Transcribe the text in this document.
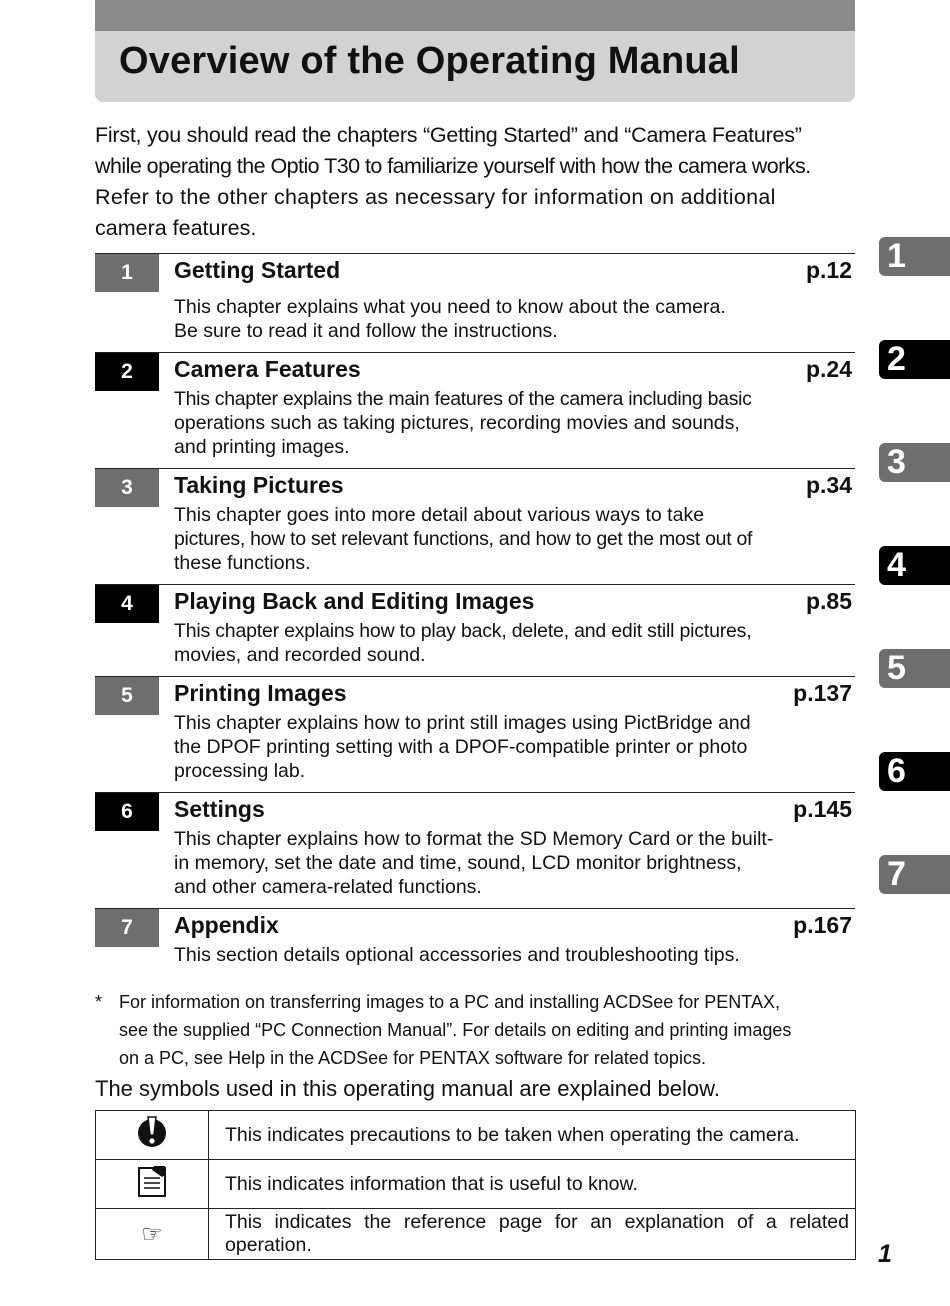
Overview of the Operating Manual

First, you should read the chapters “Getting Started” and “Camera Features”

while operating the Optio T30 to familiarize yourself with how the camera works.

Refer to the other chapters as necessary for information on additional

camera features.

1	Getting Started	p.12
This chapter explains what you need to know about the camera.
Be sure to read it and follow the instructions.
2	Camera Features	p.24
This chapter explains the main features of the camera including basic
operations such as taking pictures, recording movies and sounds,
and printing images.
3	Taking Pictures	p.34
This chapter goes into more detail about various ways to take
pictures, how to set relevant functions, and how to get the most out of
these functions.
4	Playing Back and Editing Images	p.85
This chapter explains how to play back, delete, and edit still pictures,
movies, and recorded sound.
5	Printing Images	p.137
This chapter explains how to print still images using PictBridge and
the DPOF printing setting with a DPOF-compatible printer or photo
processing lab.
6	Settings	p.145
This chapter explains how to format the SD Memory Card or the built-
in memory, set the date and time, sound, LCD monitor brightness,
and other camera-related functions.
7	Appendix	p.167
This section details optional accessories and troubleshooting tips.
1
2
3
4
5
6
7
* For information on transferring images to a PC and installing ACDSee for PENTAX,
see the supplied “PC Connection Manual”. For details on editing and printing images
on a PC, see Help in the ACDSee for PENTAX software for related topics.
The symbols used in this operating manual are explained below.
	This indicates precautions to be taken when operating the camera.
	This indicates information that is useful to know.
☞	This indicates the reference page for an explanation of a related operation.	1
